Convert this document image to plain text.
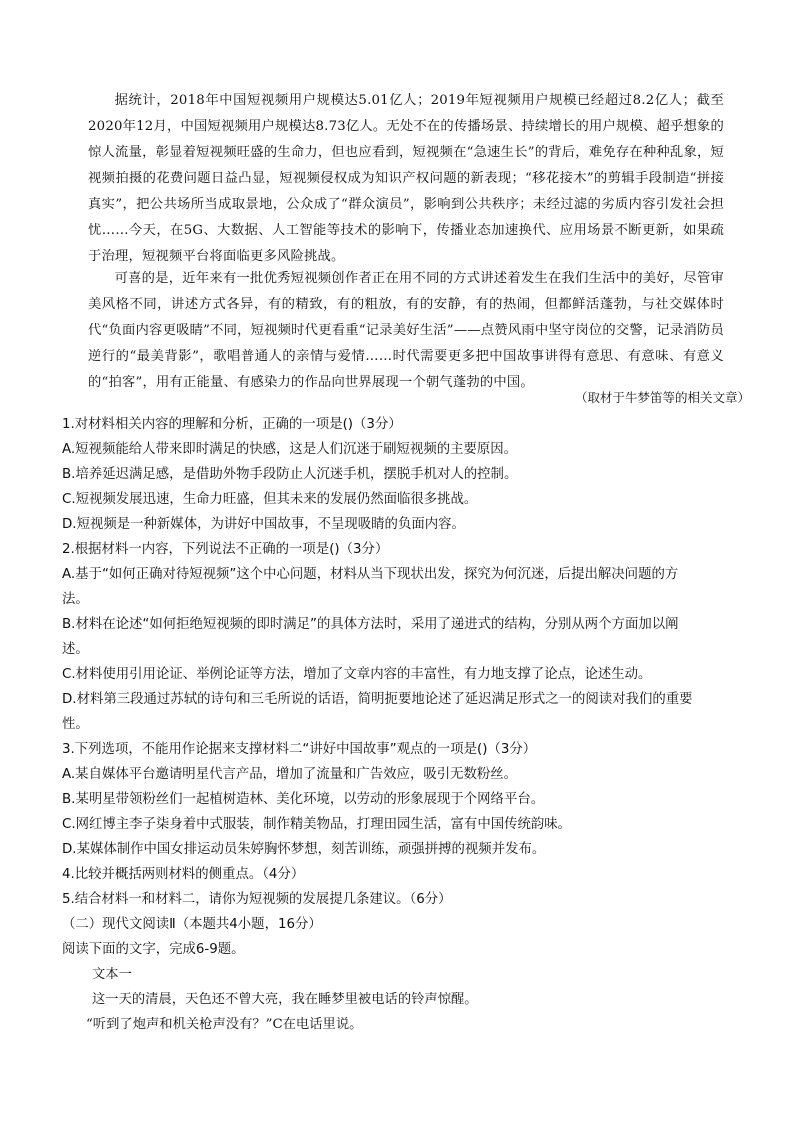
据统计，2018年中国短视频用户规模达5.01亿人；2019年短视频用户规模已经超过8.2亿人；截至2020年12月，中国短视频用户规模达8.73亿人。无处不在的传播场景、持续增长的用户规模、超乎想象的惊人流量，彰显着短视频旺盛的生命力，但也应看到，短视频在“急速生长”的背后，难免存在种种乱象，短视频拍摄的花费问题日益凸显，短视频侵权成为知识产权问题的新表现；“移花接木”的剪辑手段制造“拼接真实”，把公共场所当成取景地，公众成了“群众演员”，影响到公共秩序；未经过滤的劣质内容引发社会担忧……今天，在5G、大数据、人工智能等技术的影响下，传播业态加速换代、应用场景不断更新，如果疏于治理，短视频平台将面临更多风险挑战。

可喜的是，近年来有一批优秀短视频创作者正在用不同的方式讲述着发生在我们生活中的美好，尽管审美风格不同，讲述方式各异，有的精致，有的粗放，有的安静，有的热闹，但都鲜活蓬勃，与社交媒体时代“负面内容更吸睛”不同，短视频时代更看重“记录美好生活”——点赞风雨中坚守岗位的交警，记录消防员逆行的“最美背影”，歌唱普通人的亲情与爱情……时代需要更多把中国故事讲得有意思、有意味、有意义的“拍客”，用有正能量、有感染力的作品向世界展现一个朝气蓬勃的中国。

（取材于牛梦笛等的相关文章）

1.对材料相关内容的理解和分析，正确的一项是()（3分）

A.短视频能给人带来即时满足的快感，这是人们沉迷于刷短视频的主要原因。

B.培养延迟满足感，是借助外物手段防止人沉迷手机，摆脱手机对人的控制。

C.短视频发展迅速，生命力旺盛，但其未来的发展仍然面临很多挑战。

D.短视频是一种新媒体，为讲好中国故事，不呈现吸睛的负面内容。

2.根据材料一内容，下列说法不正确的一项是()（3分）

A.基于“如何正确对待短视频”这个中心问题，材料从当下现状出发，探究为何沉迷，后提出解决问题的方

法。

B.材料在论述“如何拒绝短视频的即时满足”的具体方法时，采用了递进式的结构，分别从两个方面加以阐

述。

C.材料使用引用论证、举例论证等方法，增加了文章内容的丰富性，有力地支撑了论点，论述生动。

D.材料第三段通过苏轼的诗句和三毛所说的话语，简明扼要地论述了延迟满足形式之一的阅读对我们的重要

性。

3.下列选项，不能用作论据来支撑材料二“讲好中国故事”观点的一项是()（3分）

A.某自媒体平台邀请明星代言产品，增加了流量和广告效应，吸引无数粉丝。

B.某明星带领粉丝们一起植树造林、美化环境，以劳动的形象展现于个网络平台。

C.网红博主李子柒身着中式服装，制作精美物品，打理田园生活，富有中国传统韵味。

D.某媒体制作中国女排运动员朱婷胸怀梦想，刻苦训练，顽强拼搏的视频并发布。

4.比较并概括两则材料的侧重点。（4分）

5.结合材料一和材料二，请你为短视频的发展提几条建议。（6分）

（二）现代文阅读Ⅱ（本题共4小题，16分）

阅读下面的文字，完成6-9题。

文本一
这一天的清晨，天色还不曾大亮，我在睡梦里被电话的铃声惊醒。
“听到了炮声和机关枪声没有？”C在电话里说。
